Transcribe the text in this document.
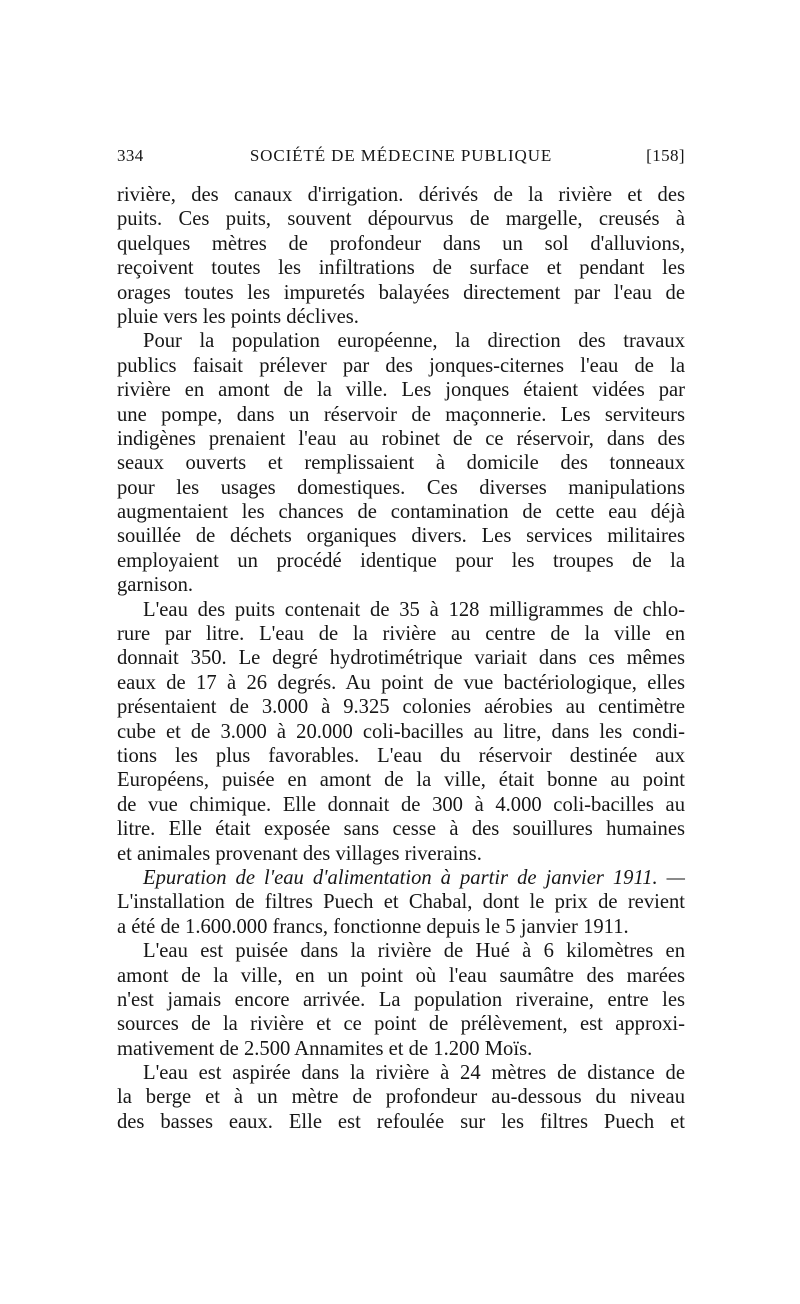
334	SOCIÉTÉ DE MÉDECINE PUBLIQUE	[158]
rivière, des canaux d'irrigation. dérivés de la rivière et des
puits. Ces puits, souvent dépourvus de margelle, creusés à
quelques mètres de profondeur dans un sol d'alluvions,
reçoivent toutes les infiltrations de surface et pendant les
orages toutes les impuretés balayées directement par l'eau de
pluie vers les points déclives.
Pour la population européenne, la direction des travaux
publics faisait prélever par des jonques-citernes l'eau de la
rivière en amont de la ville. Les jonques étaient vidées par
une pompe, dans un réservoir de maçonnerie. Les serviteurs
indigènes prenaient l'eau au robinet de ce réservoir, dans des
seaux ouverts et remplissaient à domicile des tonneaux
pour les usages domestiques. Ces diverses manipulations
augmentaient les chances de contamination de cette eau déjà
souillée de déchets organiques divers. Les services militaires
employaient un procédé identique pour les troupes de la
garnison.
L'eau des puits contenait de 35 à 128 milligrammes de chlo-
rure par litre. L'eau de la rivière au centre de la ville en
donnait 350. Le degré hydrotimétrique variait dans ces mêmes
eaux de 17 à 26 degrés. Au point de vue bactériologique, elles
présentaient de 3.000 à 9.325 colonies aérobies au centimètre
cube et de 3.000 à 20.000 coli-bacilles au litre, dans les condi-
tions les plus favorables. L'eau du réservoir destinée aux
Européens, puisée en amont de la ville, était bonne au point
de vue chimique. Elle donnait de 300 à 4.000 coli-bacilles au
litre. Elle était exposée sans cesse à des souillures humaines
et animales provenant des villages riverains.
Epuration de l'eau d'alimentation à partir de janvier 1911. —
L'installation de filtres Puech et Chabal, dont le prix de revient
a été de 1.600.000 francs, fonctionne depuis le 5 janvier 1911.
L'eau est puisée dans la rivière de Hué à 6 kilomètres en
amont de la ville, en un point où l'eau saumâtre des marées
n'est jamais encore arrivée. La population riveraine, entre les
sources de la rivière et ce point de prélèvement, est approxi-
mativement de 2.500 Annamites et de 1.200 Moïs.
L'eau est aspirée dans la rivière à 24 mètres de distance de
la berge et à un mètre de profondeur au-dessous du niveau
des basses eaux. Elle est refoulée sur les filtres Puech et
